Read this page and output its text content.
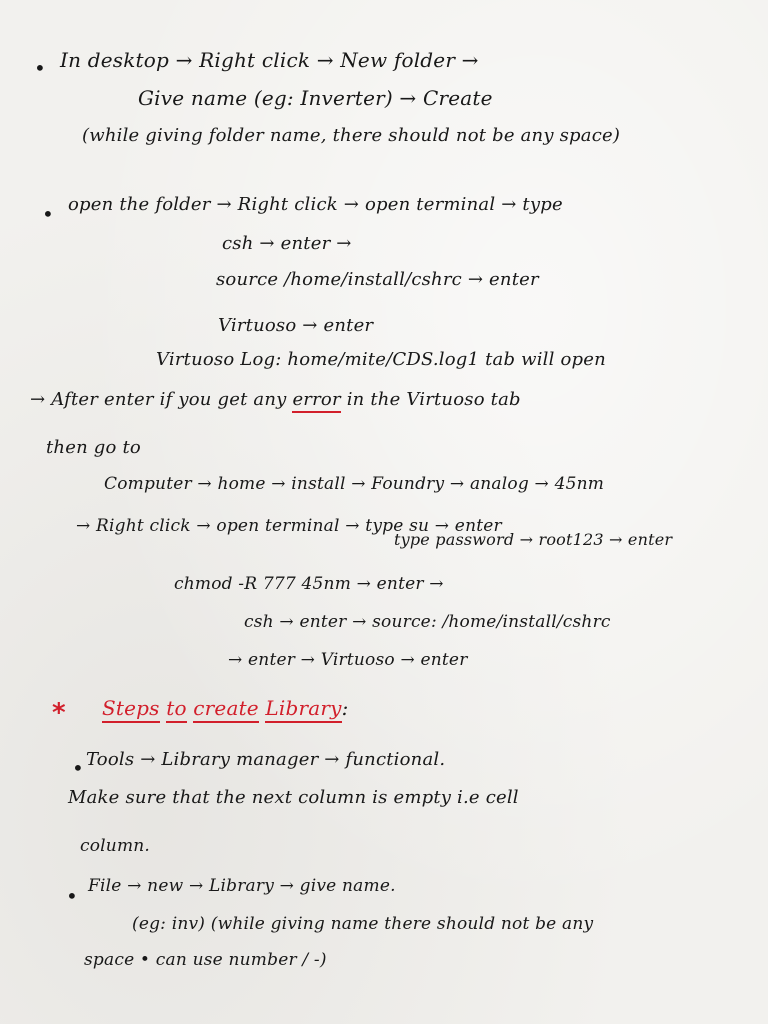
• In desktop → Right click → New folder →
Give name (eg: Inverter) → Create
(while giving folder name, there should not be any space)
• open the folder → Right click → open terminal → type
csh → enter →
source /home/install/cshrc → enter
Virtuoso → enter
Virtuoso Log: home/mite/CDS.log1 tab will open
→ After enter if you get any error in the Virtuoso tab
then go to
Computer → home → install → Foundry → analog → 45nm
→ Right click → open terminal → type su → enter
type password → root123 → enter
chmod -R 777 45nm → enter →
csh → enter → source: /home/install/cshrc
→ enter → Virtuoso → enter
* Steps to create Library:
• Tools → Library manager → functional.
Make sure that the next column is empty i.e cell
column.
• File → new → Library → give name.
(eg: inv) (while giving name there should not be any
space • can use number / -)
